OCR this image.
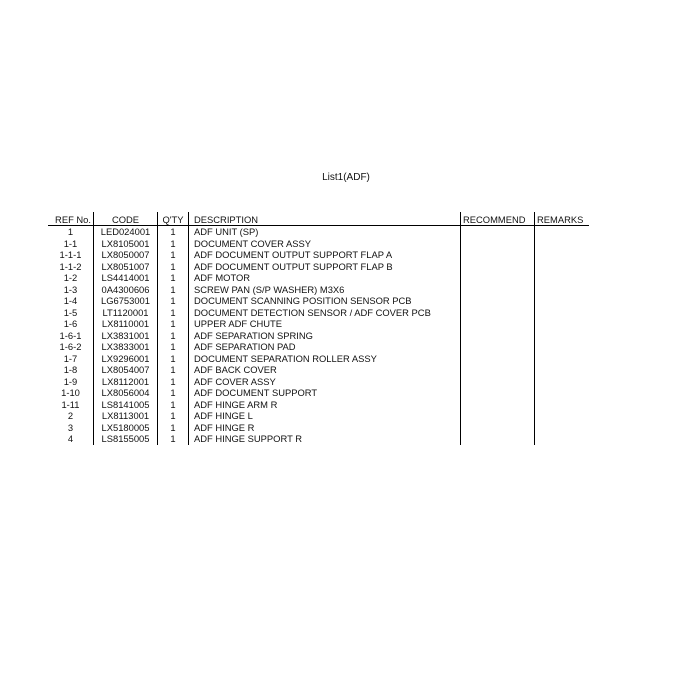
List1(ADF)
REF No.	CODE	Q'TY	DESCRIPTION	RECOMMEND	REMARKS
1	LED024001	1	ADF UNIT (SP)		
1-1	LX8105001	1	DOCUMENT COVER ASSY		
1-1-1	LX8050007	1	ADF DOCUMENT OUTPUT SUPPORT FLAP A		
1-1-2	LX8051007	1	ADF DOCUMENT OUTPUT SUPPORT FLAP B		
1-2	LS4414001	1	ADF MOTOR		
1-3	0A4300606	1	SCREW PAN (S/P WASHER) M3X6		
1-4	LG6753001	1	DOCUMENT SCANNING POSITION SENSOR PCB		
1-5	LT1120001	1	DOCUMENT DETECTION SENSOR / ADF COVER PCB		
1-6	LX8110001	1	UPPER ADF CHUTE		
1-6-1	LX3831001	1	ADF SEPARATION SPRING		
1-6-2	LX3833001	1	ADF SEPARATION PAD		
1-7	LX9296001	1	DOCUMENT SEPARATION ROLLER ASSY		
1-8	LX8054007	1	ADF BACK COVER		
1-9	LX8112001	1	ADF COVER ASSY		
1-10	LX8056004	1	ADF DOCUMENT SUPPORT		
1-11	LS8141005	1	ADF HINGE ARM R		
2	LX8113001	1	ADF HINGE L		
3	LX5180005	1	ADF HINGE R		
4	LS8155005	1	ADF HINGE SUPPORT R		
